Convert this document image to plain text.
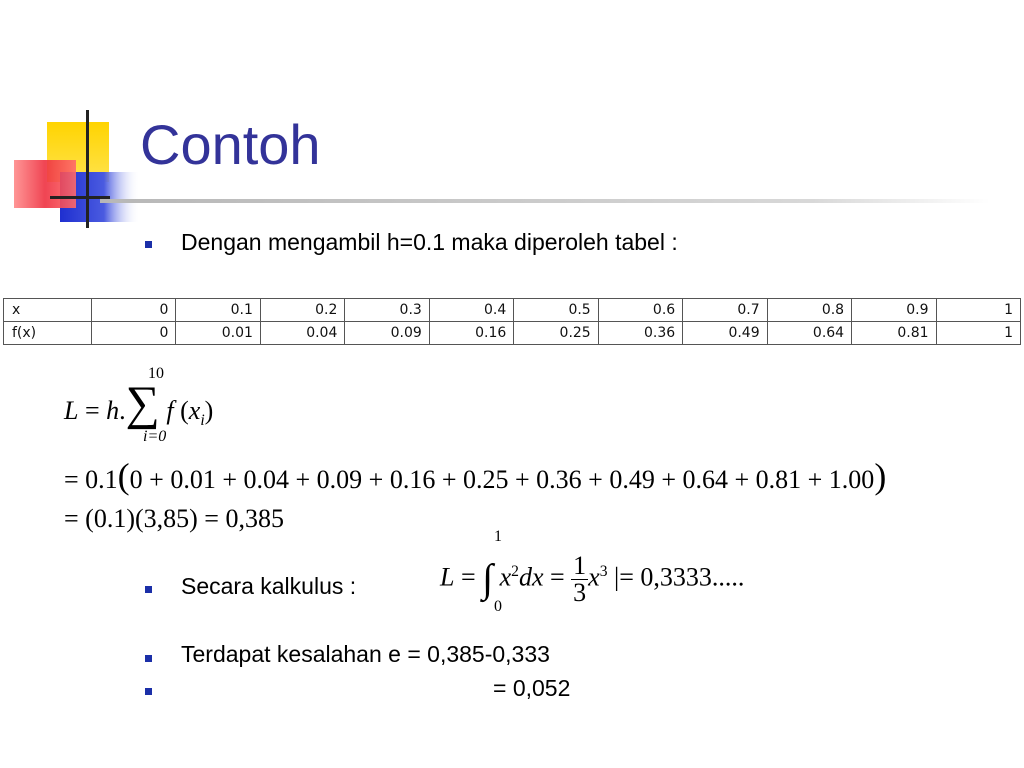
Contoh
Dengan mengambil h=0.1 maka diperoleh tabel :
x	0	0.1	0.2	0.3	0.4	0.5	0.6	0.7	0.8	0.9	1
f(x)	0	0.01	0.04	0.09	0.16	0.25	0.36	0.49	0.64	0.81	1
L = h.∑ f $(x_i)$
10
i=0
= 0.1(0 + 0.01 + 0.04 + 0.09 + 0.16 + 0.25 + 0.36 + 0.49 + 0.64 + 0.81 + 1.00)
= (0.1)(3,85) = 0,385
Secara kalkulus :	L = ∫ $x^2dx = \frac{1}{3} x^3$ |= 0,3333.....
1
0
Terdapat kesalahan e = 0,385-0,333
= 0,052
